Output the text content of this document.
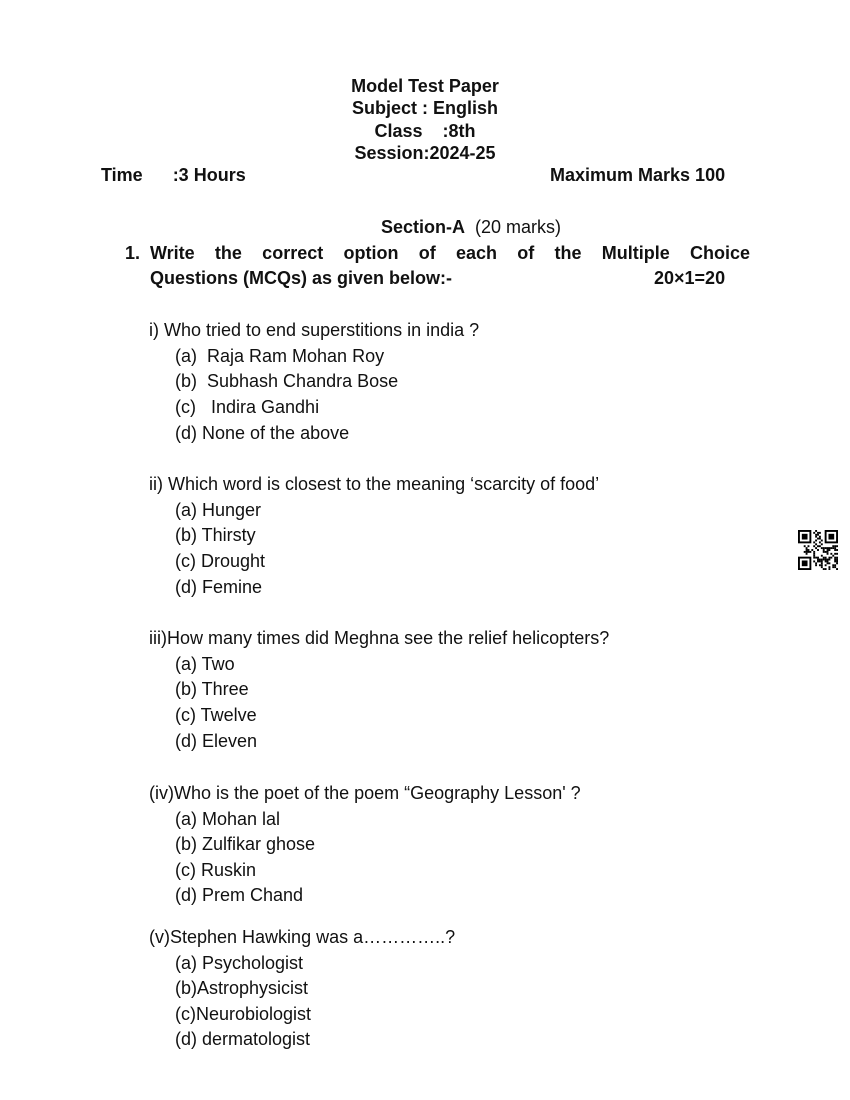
Model Test Paper
Subject : English
Class    :8th
Session:2024-25
Time      :3 Hours	Maximum Marks 100
Section-A (20 marks)
1. Write the correct option of each of the Multiple Choice
Questions (MCQs) as given below:-	20×1=20
i) Who tried to end superstitions in india ?
(a)  Raja Ram Mohan Roy
(b)  Subhash Chandra Bose
(c)   Indira Gandhi
(d) None of the above
ii) Which word is closest to the meaning ‘scarcity of food’
(a) Hunger
(b) Thirsty
(c) Drought
(d) Femine
iii)How many times did Meghna see the relief helicopters?
(a) Two
(b) Three
(c) Twelve
(d) Eleven
(iv)Who is the poet of the poem “Geography Lesson' ?
(a) Mohan lal
(b) Zulfikar ghose
(c) Ruskin
(d) Prem Chand
(v)Stephen Hawking was a…………..?
(a) Psychologist
(b)Astrophysicist
(c)Neurobiologist
(d) dermatologist
